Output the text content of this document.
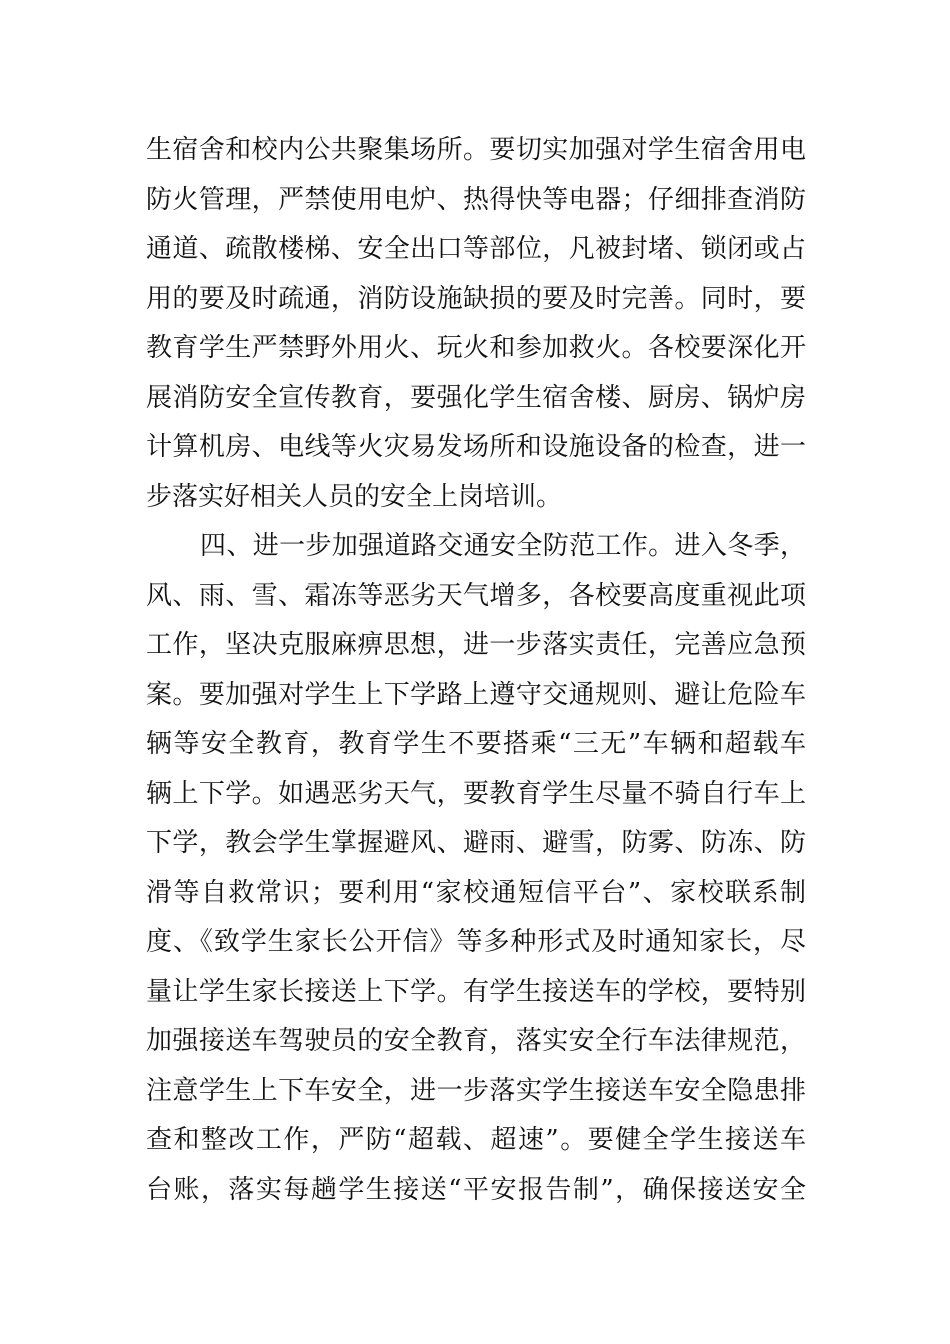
生宿舍和校内公共聚集场所。要切实加强对学生宿舍用电
防火管理，严禁使用电炉、热得快等电器；仔细排查消防
通道、疏散楼梯、安全出口等部位，凡被封堵、锁闭或占
用的要及时疏通，消防设施缺损的要及时完善。同时，要
教育学生严禁野外用火、玩火和参加救火。各校要深化开
展消防安全宣传教育，要强化学生宿舍楼、厨房、锅炉房
计算机房、电线等火灾易发场所和设施设备的检查，进一
步落实好相关人员的安全上岗培训。
四、进一步加强道路交通安全防范工作。进入冬季，
风、雨、雪、霜冻等恶劣天气增多，各校要高度重视此项
工作，坚决克服麻痹思想，进一步落实责任，完善应急预
案。要加强对学生上下学路上遵守交通规则、避让危险车
辆等安全教育，教育学生不要搭乘“三无”车辆和超载车
辆上下学。如遇恶劣天气，要教育学生尽量不骑自行车上
下学，教会学生掌握避风、避雨、避雪，防雾、防冻、防
滑等自救常识；要利用“家校通短信平台”、家校联系制
度、《致学生家长公开信》等多种形式及时通知家长，尽
量让学生家长接送上下学。有学生接送车的学校，要特别
加强接送车驾驶员的安全教育，落实安全行车法律规范，
注意学生上下车安全，进一步落实学生接送车安全隐患排
查和整改工作，严防“超载、超速”。要健全学生接送车
台账，落实每趟学生接送“平安报告制”，确保接送安全
